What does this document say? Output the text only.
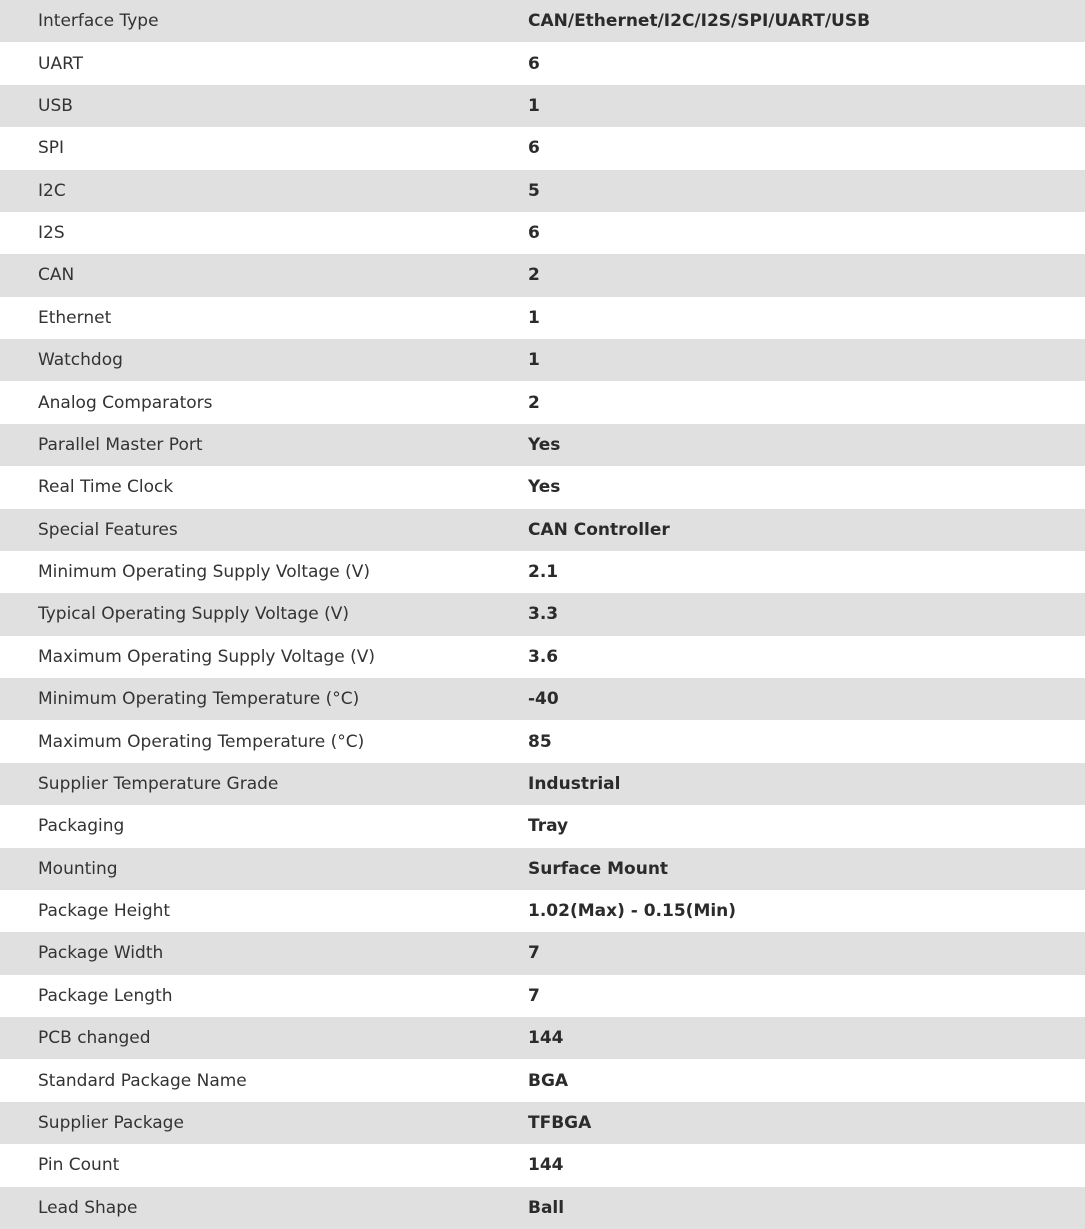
Interface Type	CAN/Ethernet/I2C/I2S/SPI/UART/USB
UART	6
USB	1
SPI	6
I2C	5
I2S	6
CAN	2
Ethernet	1
Watchdog	1
Analog Comparators	2
Parallel Master Port	Yes
Real Time Clock	Yes
Special Features	CAN Controller
Minimum Operating Supply Voltage (V)	2.1
Typical Operating Supply Voltage (V)	3.3
Maximum Operating Supply Voltage (V)	3.6
Minimum Operating Temperature (°C)	-40
Maximum Operating Temperature (°C)	85
Supplier Temperature Grade	Industrial
Packaging	Tray
Mounting	Surface Mount
Package Height	1.02(Max) - 0.15(Min)
Package Width	7
Package Length	7
PCB changed	144
Standard Package Name	BGA
Supplier Package	TFBGA
Pin Count	144
Lead Shape	Ball
